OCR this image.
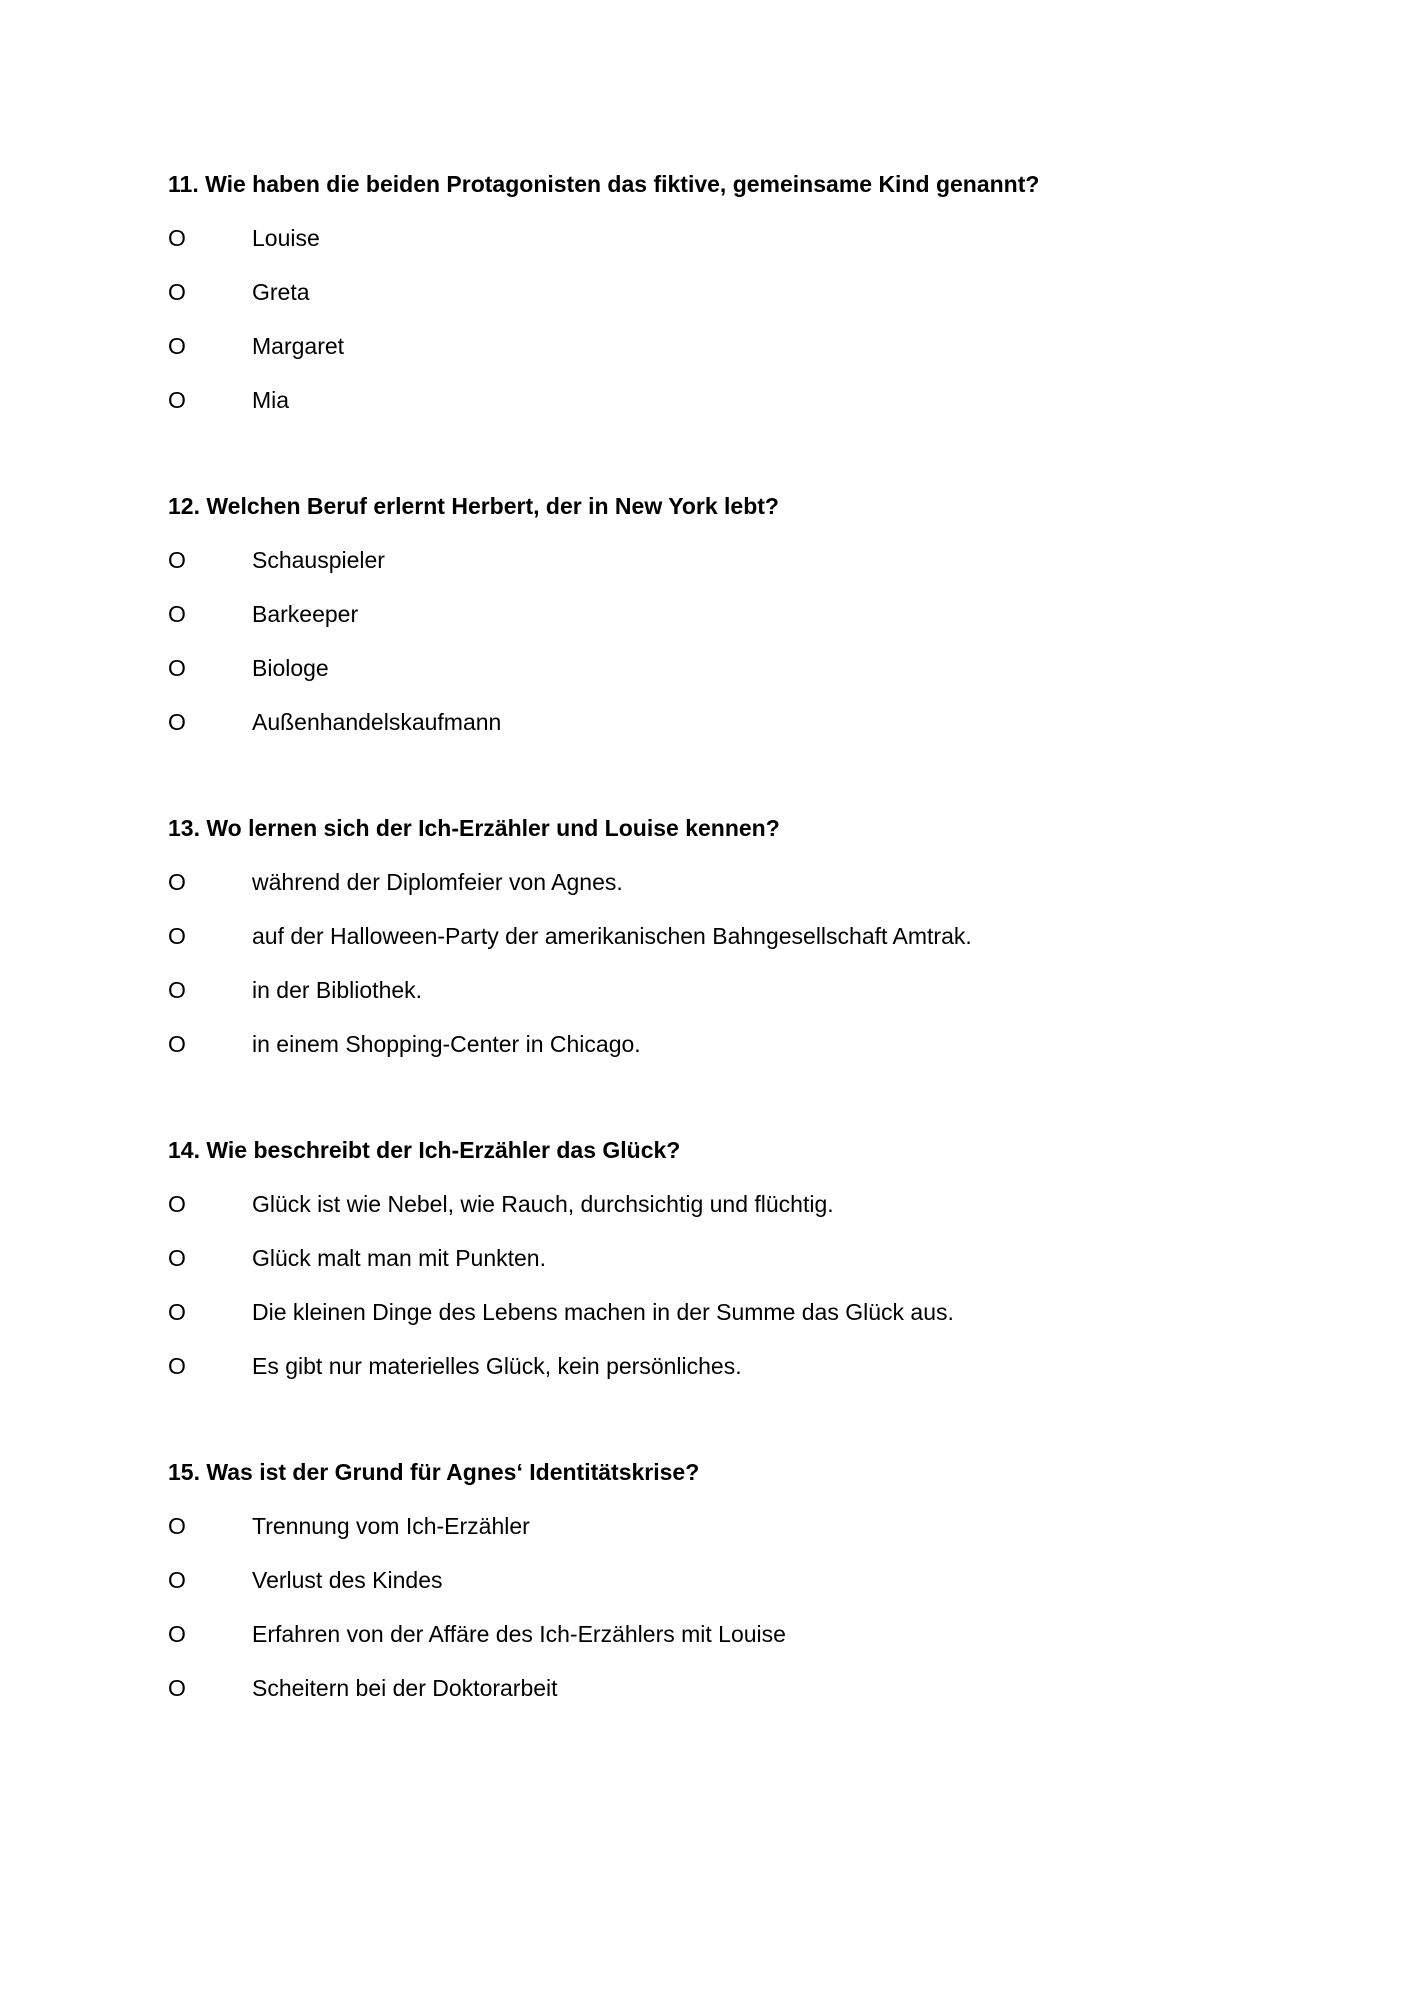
11. Wie haben die beiden Protagonisten das fiktive, gemeinsame Kind genannt?
O	Louise
O	Greta
O	Margaret
O	Mia
12. Welchen Beruf erlernt Herbert, der in New York lebt?
O	Schauspieler
O	Barkeeper
O	Biologe
O	Außenhandelskaufmann
13. Wo lernen sich der Ich-Erzähler und Louise kennen?
O	während der Diplomfeier von Agnes.
O	auf der Halloween-Party der amerikanischen Bahngesellschaft Amtrak.
O	in der Bibliothek.
O	in einem Shopping-Center in Chicago.
14. Wie beschreibt der Ich-Erzähler das Glück?
O	Glück ist wie Nebel, wie Rauch, durchsichtig und flüchtig.
O	Glück malt man mit Punkten.
O	Die kleinen Dinge des Lebens machen in der Summe das Glück aus.
O	Es gibt nur materielles Glück, kein persönliches.
15. Was ist der Grund für Agnes‘ Identitätskrise?
O	Trennung vom Ich-Erzähler
O	Verlust des Kindes
O	Erfahren von der Affäre des Ich-Erzählers mit Louise
O	Scheitern bei der Doktorarbeit
